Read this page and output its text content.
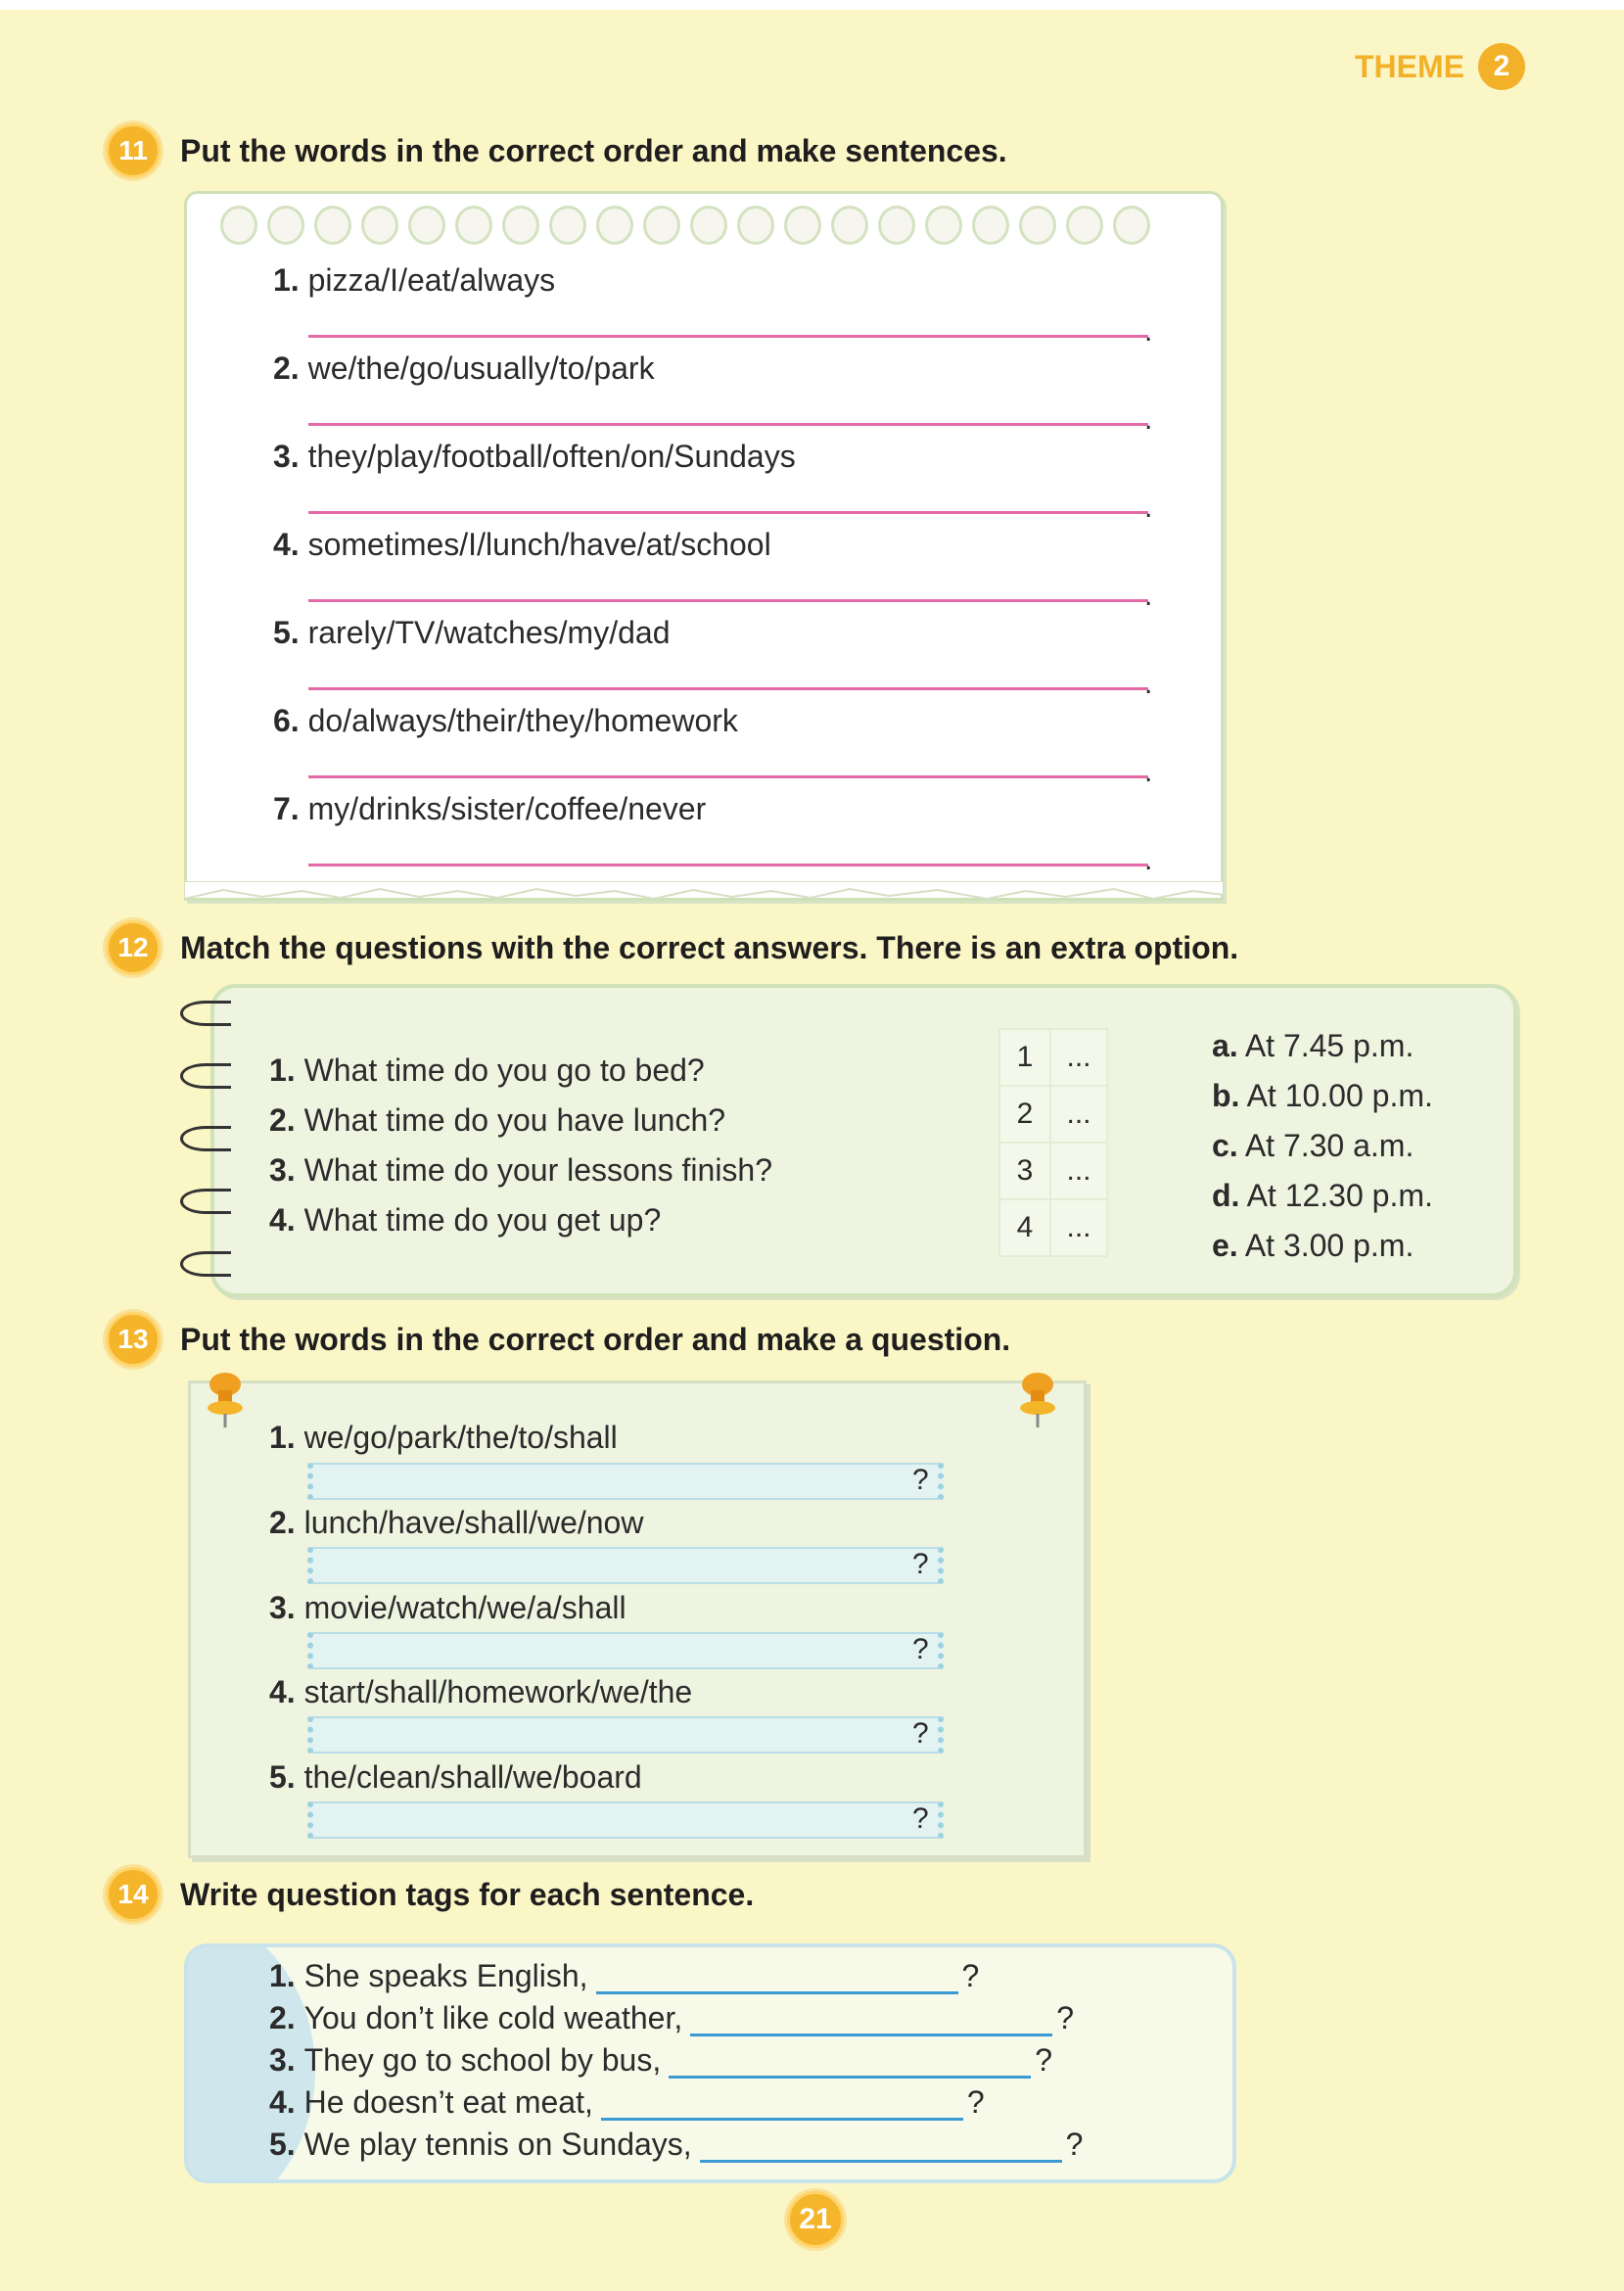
THEME 2
11	Put the words in the correct order and make sentences.
1. pizza/I/eat/always
.
2. we/the/go/usually/to/park
.
3. they/play/football/often/on/Sundays
.
4. sometimes/I/lunch/have/at/school
.
5. rarely/TV/watches/my/dad
.
6. do/always/their/they/homework
.
7. my/drinks/sister/coffee/never
.
12	Match the questions with the correct answers. There is an extra option.
1. What time do you go to bed?
2. What time do you have lunch?
3. What time do your lessons finish?
4. What time do you get up?
1	...
2	...
3	...
4	...
a. At 7.45 p.m.
b. At 10.00 p.m.
c. At 7.30 a.m.
d. At 12.30 p.m.
e. At 3.00 p.m.
13	Put the words in the correct order and make a question.
1. we/go/park/the/to/shall
?
2. lunch/have/shall/we/now
?
3. movie/watch/we/a/shall
?
4. start/shall/homework/we/the
?
5. the/clean/shall/we/board
?
14	Write question tags for each sentence.
1.
She speaks English,	?
2.
You don’t like cold weather,	?
3.
They go to school by bus,	?
4.
He doesn’t eat meat,	?
5.
We play tennis on Sundays,	?
21
